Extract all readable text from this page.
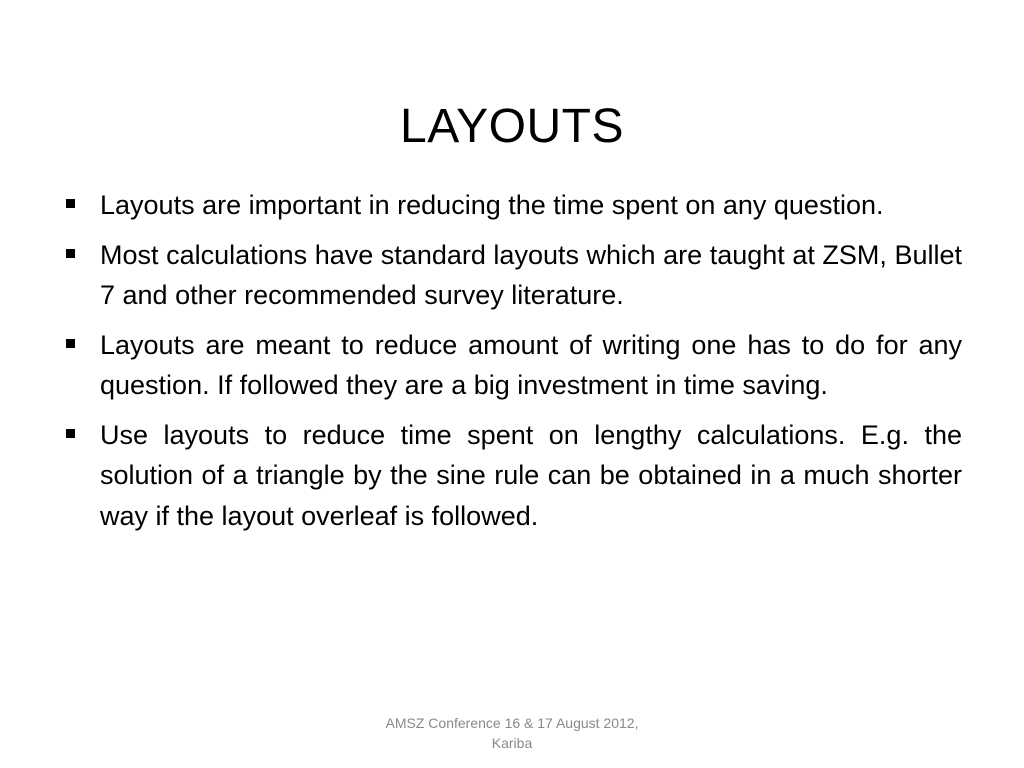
LAYOUTS
Layouts are important in reducing the time spent on any question.
Most calculations have standard layouts which are taught at ZSM, Bullet 7 and other recommended survey literature.
Layouts are meant to reduce amount of writing one has to do for any question. If followed they are a big investment in time saving.
Use layouts to reduce time spent on lengthy calculations. E.g. the solution of a triangle by the sine rule can be obtained in a much shorter way if the layout overleaf is followed.
AMSZ Conference 16 & 17 August 2012,
Kariba
